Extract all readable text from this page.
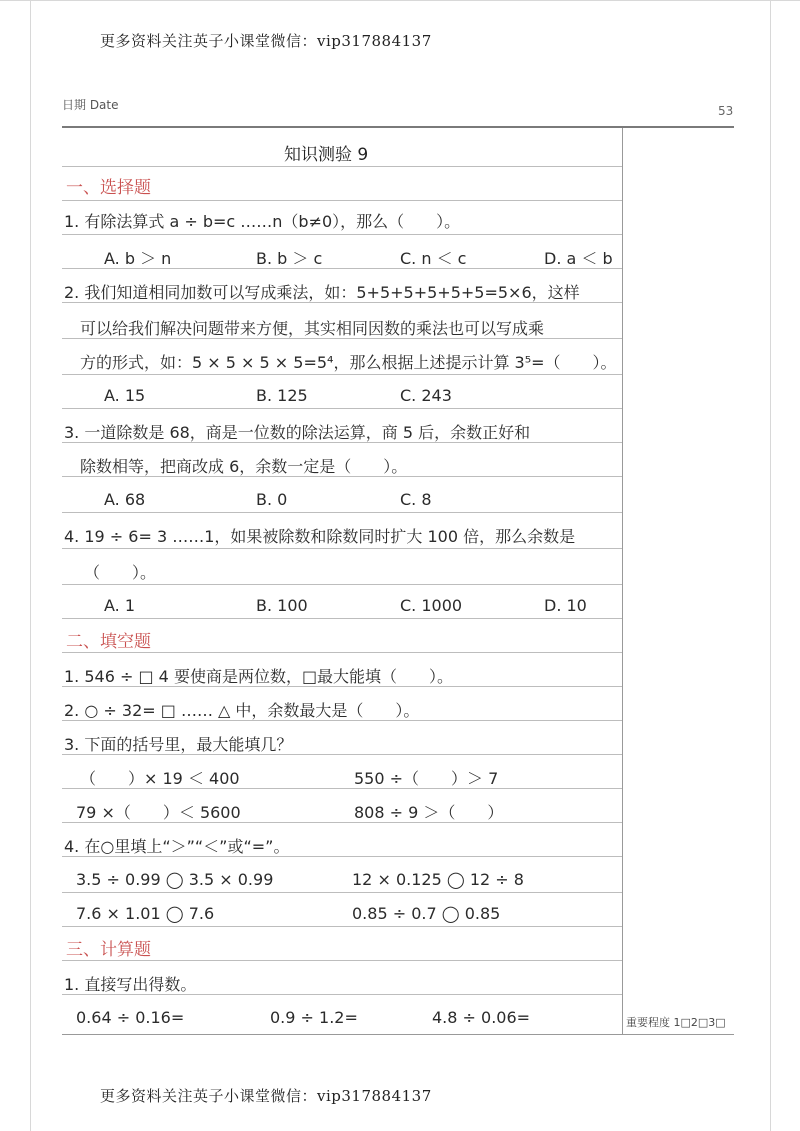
更多资料关注英子小课堂微信：vip317884137
更多资料关注英子小课堂微信：vip317884137
日期 Date	53
知识测验 9
一、选择题
1. 有除法算式 a ÷ b=c ……n（b≠0），那么（　　）。
A. b ＞ n	B. b ＞ c	C. n ＜ c	D. a ＜ b
2. 我们知道相同加数可以写成乘法，如：5+5+5+5+5+5=5×6，这样
可以给我们解决问题带来方便，其实相同因数的乘法也可以写成乘
方的形式，如：5 × 5 × 5 × 5=5⁴，那么根据上述提示计算 3⁵=（　　）。
A. 15	B. 125	C. 243
3. 一道除数是 68，商是一位数的除法运算，商 5 后，余数正好和
除数相等，把商改成 6，余数一定是（　　）。
A. 68	B. 0	C. 8
4. 19 ÷ 6= 3 ……1，如果被除数和除数同时扩大 100 倍，那么余数是
（　　）。
A. 1	B. 100	C. 1000	D. 10
二、填空题
1. 546 ÷ □ 4 要使商是两位数，□最大能填（　　）。
2. ○ ÷ 32= □ …… △ 中，余数最大是（　　）。
3. 下面的括号里，最大能填几？
（　　）× 19 ＜ 400	550 ÷（　　）＞ 7
79 ×（　　）＜ 5600	808 ÷ 9 ＞（　　）
4. 在○里填上“＞”“＜”或“=”。
3.5 ÷ 0.99 ◯ 3.5 × 0.99	12 × 0.125 ◯ 12 ÷ 8
7.6 × 1.01 ◯ 7.6	0.85 ÷ 0.7 ◯ 0.85
三、计算题
1. 直接写出得数。
0.64 ÷ 0.16=	0.9 ÷ 1.2=	4.8 ÷ 0.06=	重要程度 1□2□3□
